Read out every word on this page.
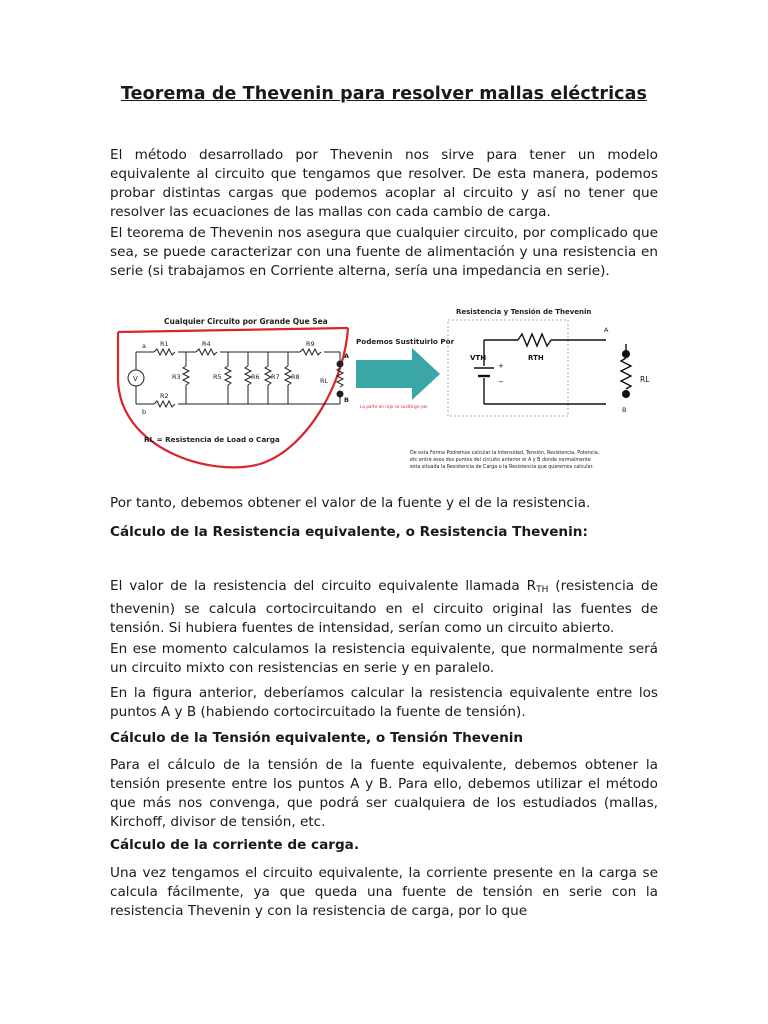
Teorema de Thevenin para resolver mallas eléctricas

El método desarrollado por Thevenin nos sirve para tener un modelo equivalente al circuito que tengamos que resolver. De esta manera, podemos probar distintas cargas que podemos acoplar al circuito y así no tener que resolver las ecuaciones de las mallas con cada cambio de carga.

El teorema de Thevenin nos asegura que cualquier circuito, por complicado que sea, se puede caracterizar con una fuente de alimentación y una resistencia en serie (si trabajamos en Corriente alterna, sería una impedancia en serie).

Cualquier Circuito por Grande Que Sea
V
a
b
R1
R2
R3
R4
R5	R6 R7 R8
R9
RL
A
B
RL = Resistencia de Load o Carga
Podemos Sustituirlo Por
La parte en rojo se sustituye por
Resistencia y Tensión de Thevenin
VTH
+
−
RTH
A
RL
B
De esta Forma Podremos calcular la Intensidad, Tensión, Resistencia, Potencia,
etc entre esos dos puntos del circuito anterior el A y B donde normalmente
esta situada la Resistencia de Carga o la Resistencia que queremos calcular.

Por tanto, debemos obtener el valor de la fuente y el de la resistencia.

Cálculo de la Resistencia equivalente, o Resistencia Thevenin:

El valor de la resistencia del circuito equivalente llamada $R_{TH}$ (resistencia de thevenin) se calcula cortocircuitando en el circuito original las fuentes de tensión. Si hubiera fuentes de intensidad, serían como un circuito abierto.

En ese momento calculamos la resistencia equivalente, que normalmente será un circuito mixto con resistencias en serie y en paralelo.

En la figura anterior, deberíamos calcular la resistencia equivalente entre los puntos A y B (habiendo cortocircuitado la fuente de tensión).

Cálculo de la Tensión equivalente, o Tensión Thevenin

Para el cálculo de la tensión de la fuente equivalente, debemos obtener la tensión presente entre los puntos A y B. Para ello, debemos utilizar el método que más nos convenga, que podrá ser cualquiera de los estudiados (mallas, Kirchoff, divisor de tensión, etc.

Cálculo de la corriente de carga.

Una vez tengamos el circuito equivalente, la corriente presente en la carga se calcula fácilmente, ya que queda una fuente de tensión en serie con la resistencia Thevenin y con la resistencia de carga, por lo que
